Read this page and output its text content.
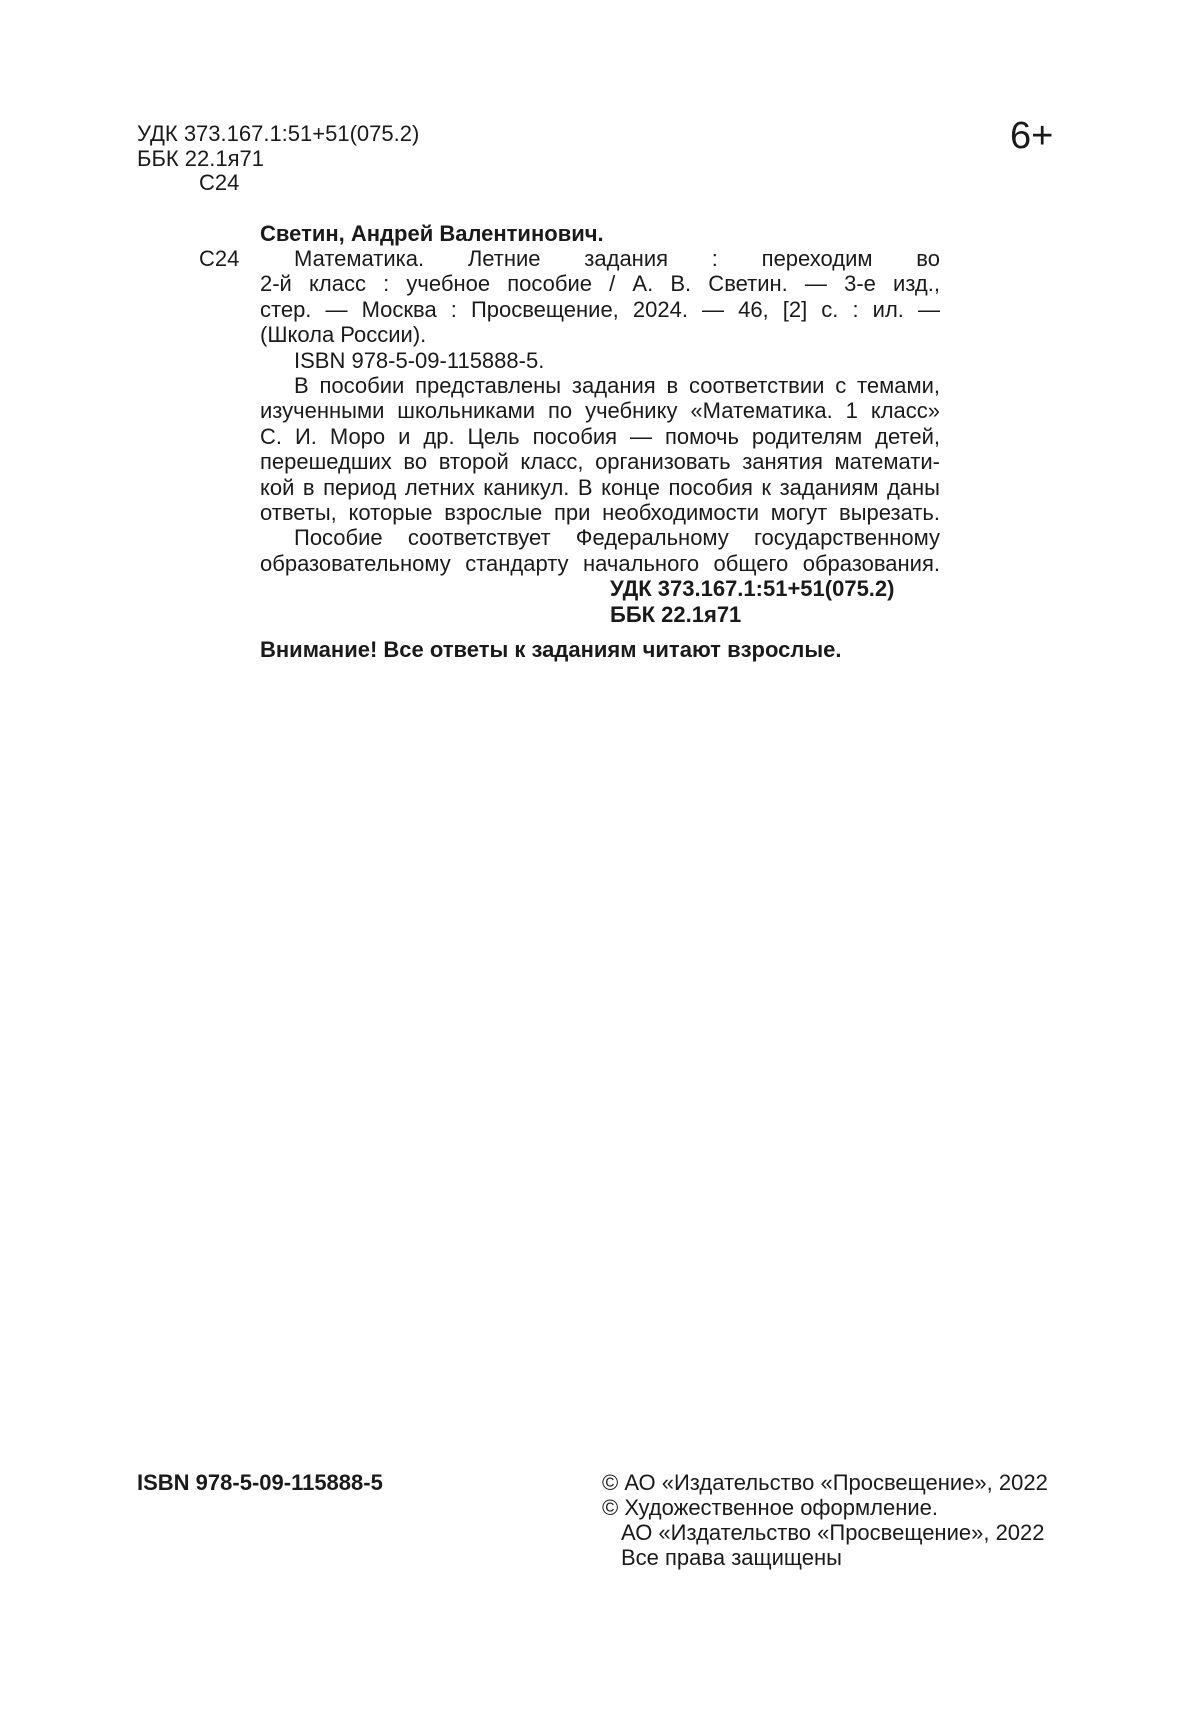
УДК 373.167.1:51+51(075.2)
ББК 22.1я71
С24
6+
Светин, Андрей Валентинович.
С24	Математика. Летние задания : переходим во
2-й класс : учебное пособие / А. В. Светин. — 3-е изд.,
стер. — Москва : Просвещение, 2024. — 46, [2] с. : ил. —
(Школа России).
ISBN 978-5-09-115888-5.
В пособии представлены задания в соответствии с темами,
изученными школьниками по учебнику «Математика. 1 класс»
С. И. Моро и др. Цель пособия — помочь родителям детей,
перешедших во второй класс, организовать занятия математи-
кой в период летних каникул. В конце пособия к заданиям даны
ответы, которые взрослые при необходимости могут вырезать.
Пособие соответствует Федеральному государственному
образовательному стандарту начального общего образования.
УДК 373.167.1:51+51(075.2)
ББК 22.1я71
Внимание! Все ответы к заданиям читают взрослые.
ISBN 978-5-09-115888-5	© АО «Издательство «Просвещение», 2022
© Художественное оформление.
АО «Издательство «Просвещение», 2022
Все права защищены
